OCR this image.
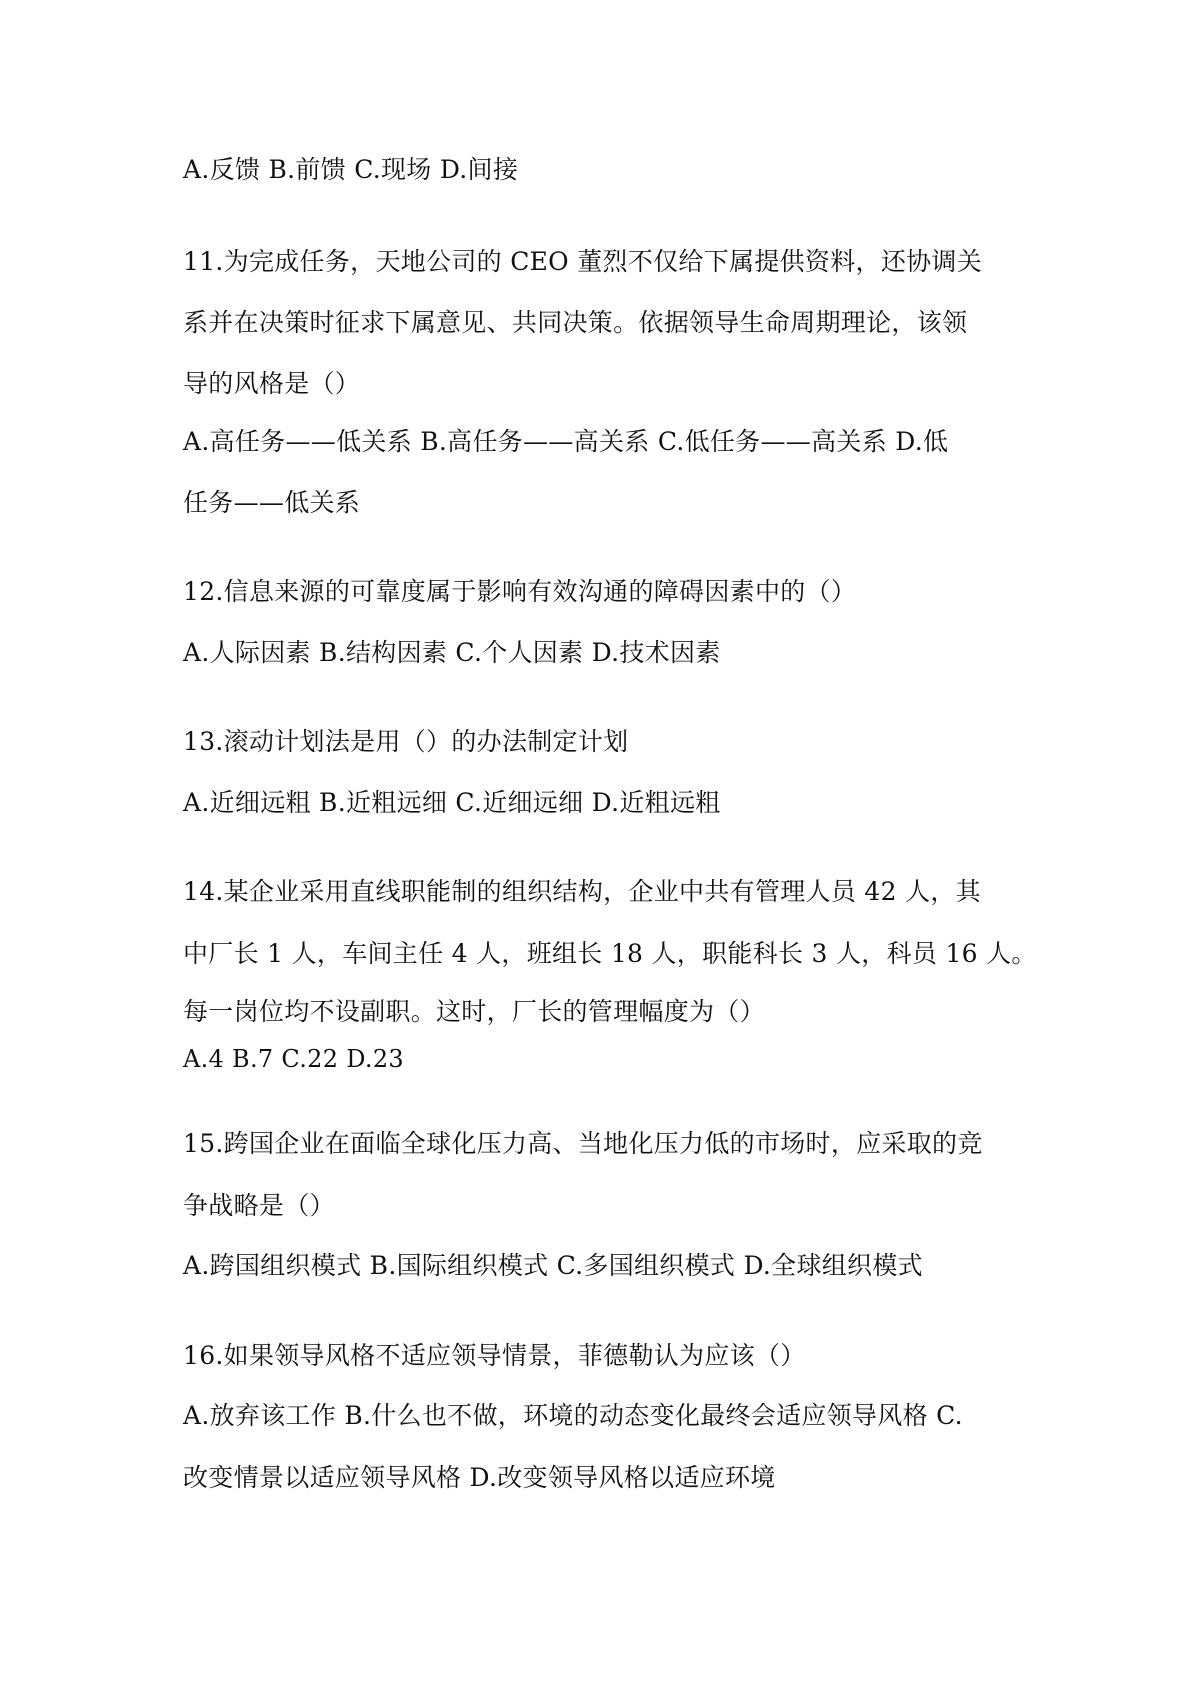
A.反馈 B.前馈 C.现场 D.间接
11.为完成任务，天地公司的 CEO 董烈不仅给下属提供资料，还协调关
系并在决策时征求下属意见、共同决策。依据领导生命周期理论，该领
导的风格是（）
A.高任务——低关系 B.高任务——高关系 C.低任务——高关系 D.低
任务——低关系
12.信息来源的可靠度属于影响有效沟通的障碍因素中的（）
A.人际因素 B.结构因素 C.个人因素 D.技术因素
13.滚动计划法是用（）的办法制定计划
A.近细远粗 B.近粗远细 C.近细远细 D.近粗远粗
14.某企业采用直线职能制的组织结构，企业中共有管理人员 42 人，其
中厂长 1 人，车间主任 4 人，班组长 18 人，职能科长 3 人，科员 16 人。
每一岗位均不设副职。这时，厂长的管理幅度为（）
A.4 B.7 C.22 D.23
15.跨国企业在面临全球化压力高、当地化压力低的市场时，应采取的竞
争战略是（）
A.跨国组织模式 B.国际组织模式 C.多国组织模式 D.全球组织模式
16.如果领导风格不适应领导情景，菲德勒认为应该（）
A.放弃该工作 B.什么也不做，环境的动态变化最终会适应领导风格 C.
改变情景以适应领导风格 D.改变领导风格以适应环境
